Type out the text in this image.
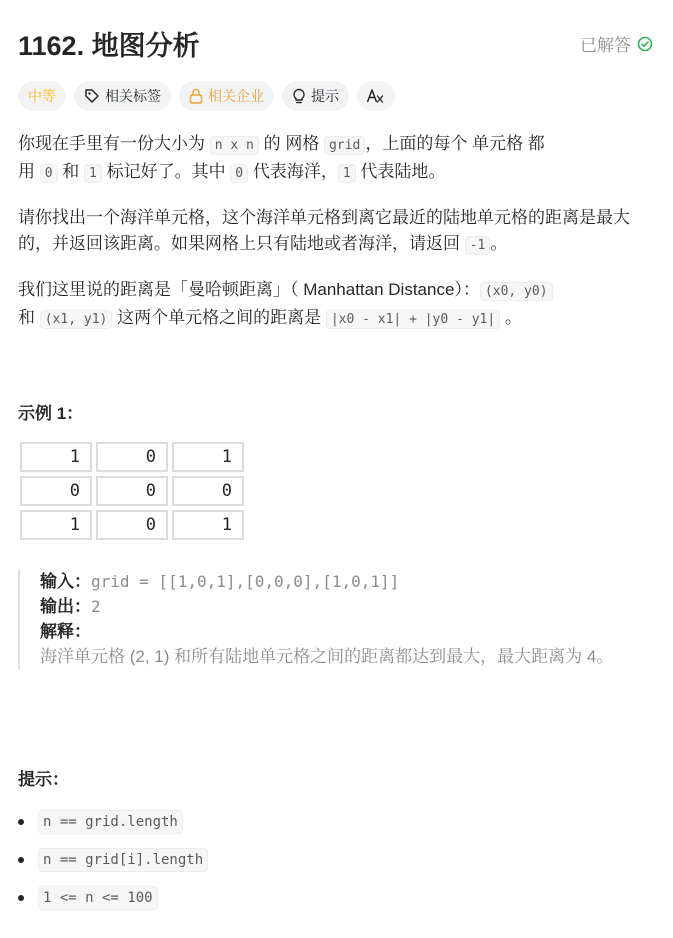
1162. 地图分析	已解答
中等	相关标签	相关企业	提示
你现在手里有一份大小为 n x n 的 网格 grid ，上面的每个 单元格 都
用 0 和 1 标记好了。其中 0 代表海洋， 1 代表陆地。
请你找出一个海洋单元格，这个海洋单元格到离它最近的陆地单元格的距离是最大
的，并返回该距离。如果网格上只有陆地或者海洋，请返回 -1 。
我们这里说的距离是「曼哈顿距离」（ Manhattan Distance）： (x0, y0)
和 (x1, y1) 这两个单元格之间的距离是 |x0 - x1| + |y0 - y1| 。
示例 1：
1	0	1
0	0	0
1	0	1
输入：grid = [[1,0,1],[0,0,0],[1,0,1]]
输出：2
解释：
海洋单元格 (2, 1) 和所有陆地单元格之间的距离都达到最大，最大距离为 4。
提示：
n == grid.length
n == grid[i].length
1 <= n <= 100
